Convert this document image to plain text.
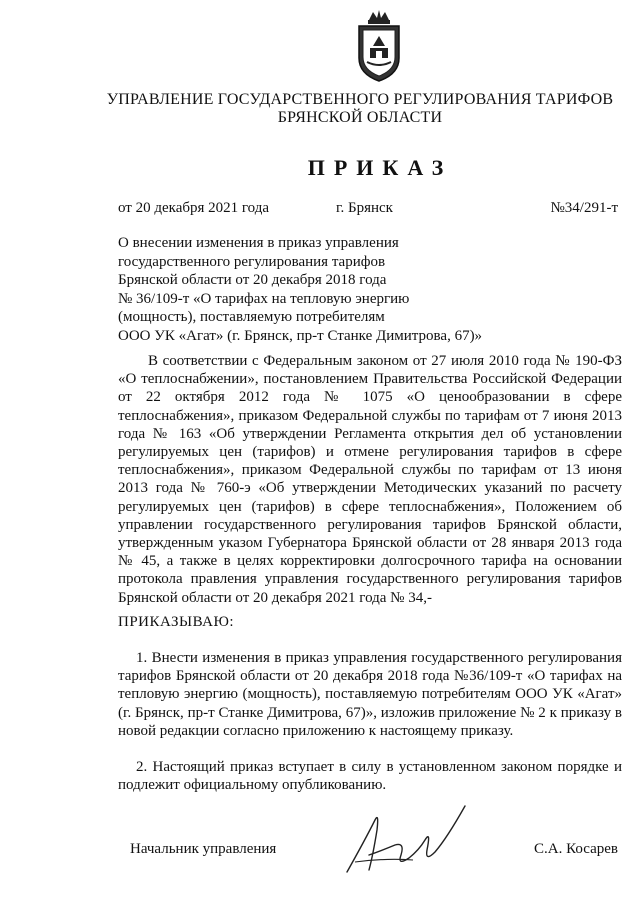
УПРАВЛЕНИЕ ГОСУДАРСТВЕННОГО РЕГУЛИРОВАНИЯ ТАРИФОВ
БРЯНСКОЙ ОБЛАСТИ
ПРИКАЗ
от 20 декабря 2021 года	г. Брянск	№34/291-т
О внесении изменения в приказ управления
государственного регулирования тарифов
Брянской области от 20 декабря 2018 года
№ 36/109-т «О тарифах на тепловую энергию
(мощность), поставляемую потребителям
ООО УК «Агат» (г. Брянск, пр-т Станке Димитрова, 67)»

В соответствии с Федеральным законом от 27 июля 2010 года № 190-ФЗ «О теплоснабжении», постановлением Правительства Российской Федерации от 22 октября 2012 года № 1075 «О ценообразовании в сфере теплоснабжения», приказом Федеральной службы по тарифам от 7 июня 2013 года № 163 «Об утверждении Регламента открытия дел об установлении регулируемых цен (тарифов) и отмене регулирования тарифов в сфере теплоснабжения», приказом Федеральной службы по тарифам от 13 июня 2013 года № 760-э «Об утверждении Методических указаний по расчету регулируемых цен (тарифов) в сфере теплоснабжения», Положением об управлении государственного регулирования тарифов Брянской области, утвержденным указом Губернатора Брянской области от 28 января 2013 года № 45, а также в целях корректировки долгосрочного тарифа на основании протокола правления управления государственного регулирования тарифов Брянской области от 20 декабря 2021 года № 34,-

ПРИКАЗЫВАЮ:

1. Внести изменения в приказ управления государственного регулирования тарифов Брянской области от 20 декабря 2018 года №36/109-т «О тарифах на тепловую энергию (мощность), поставляемую потребителям ООО УК «Агат» (г. Брянск, пр-т Станке Димитрова, 67)», изложив приложение № 2 к приказу в новой редакции согласно приложению к настоящему приказу.

2. Настоящий приказ вступает в силу в установленном законом порядке и подлежит официальному опубликованию.

Начальник управления	С.А. Косарев
